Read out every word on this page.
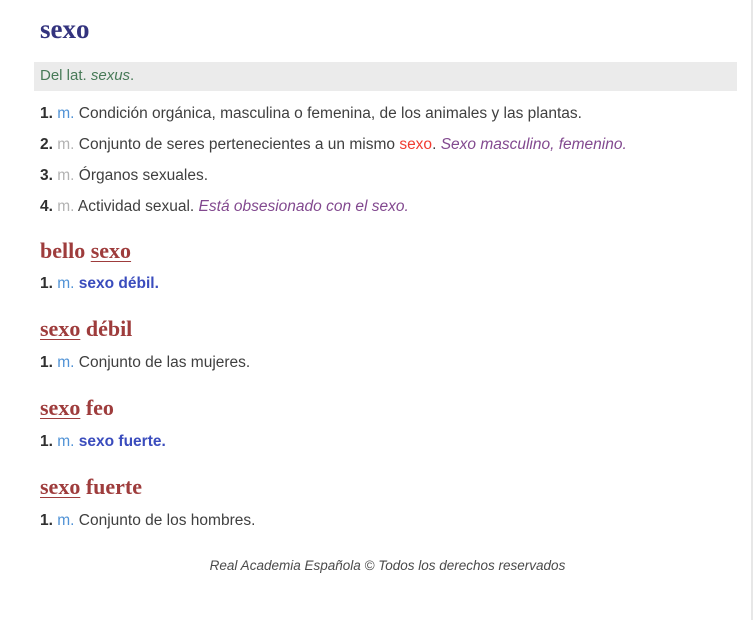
sexo
Del lat. sexus.

1. m. Condición orgánica, masculina o femenina, de los animales y las plantas.

2. m. Conjunto de seres pertenecientes a un mismo sexo. Sexo masculino, femenino.

3. m. Órganos sexuales.

4. m. Actividad sexual. Está obsesionado con el sexo.

bello sexo

1. m. sexo débil.

sexo débil

1. m. Conjunto de las mujeres.

sexo feo

1. m. sexo fuerte.

sexo fuerte

1. m. Conjunto de los hombres.

Real Academia Española © Todos los derechos reservados
